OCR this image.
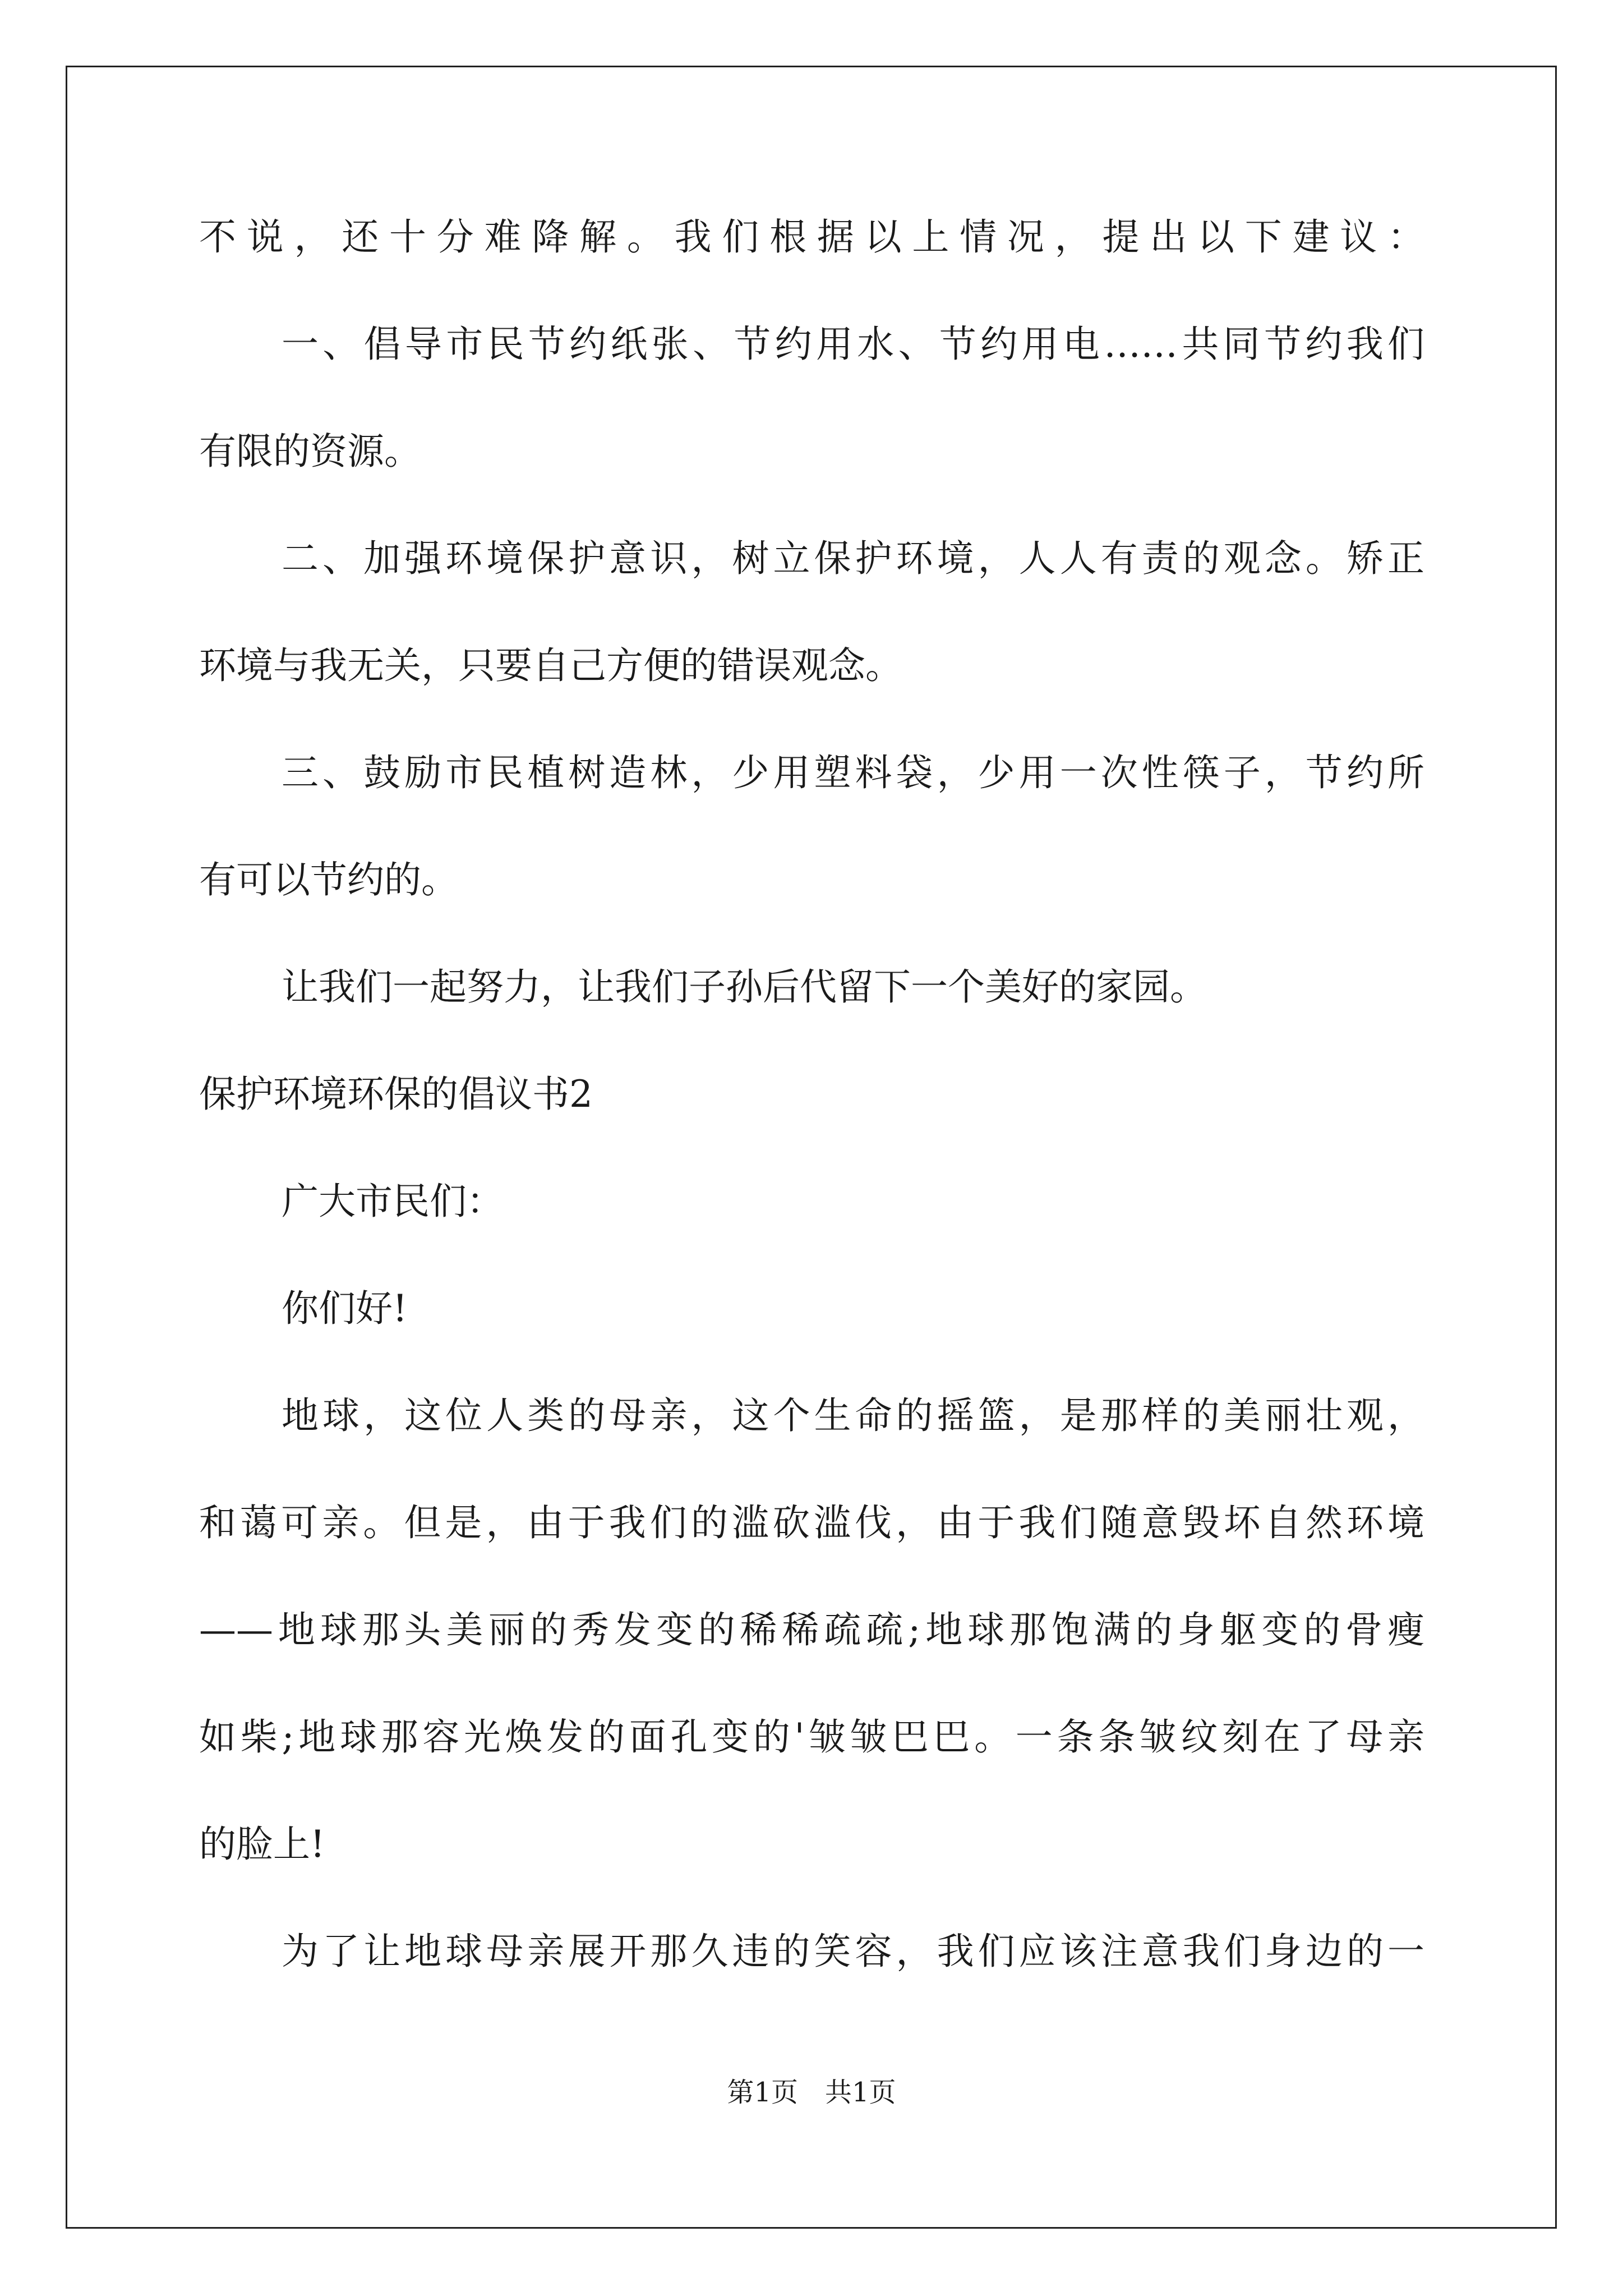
不说，还十分难降解。我们根据以上情况，提出以下建议：
一、倡导市民节约纸张、节约用水、节约用电……共同节约我们
有限的资源。
二、加强环境保护意识，树立保护环境，人人有责的观念。矫正
环境与我无关，只要自己方便的错误观念。
三、鼓励市民植树造林，少用塑料袋，少用一次性筷子，节约所
有可以节约的。
让我们一起努力，让我们子孙后代留下一个美好的家园。
保护环境环保的倡议书2
广大市民们：
你们好!
地球，这位人类的母亲，这个生命的摇篮，是那样的美丽壮观，
和蔼可亲。但是，由于我们的滥砍滥伐，由于我们随意毁坏自然环境
——地球那头美丽的秀发变的稀稀疏疏;地球那饱满的身躯变的骨瘦
如柴;地球那容光焕发的面孔变的'皱皱巴巴。一条条皱纹刻在了母亲
的脸上!
为了让地球母亲展开那久违的笑容，我们应该注意我们身边的一
第1页　共1页
